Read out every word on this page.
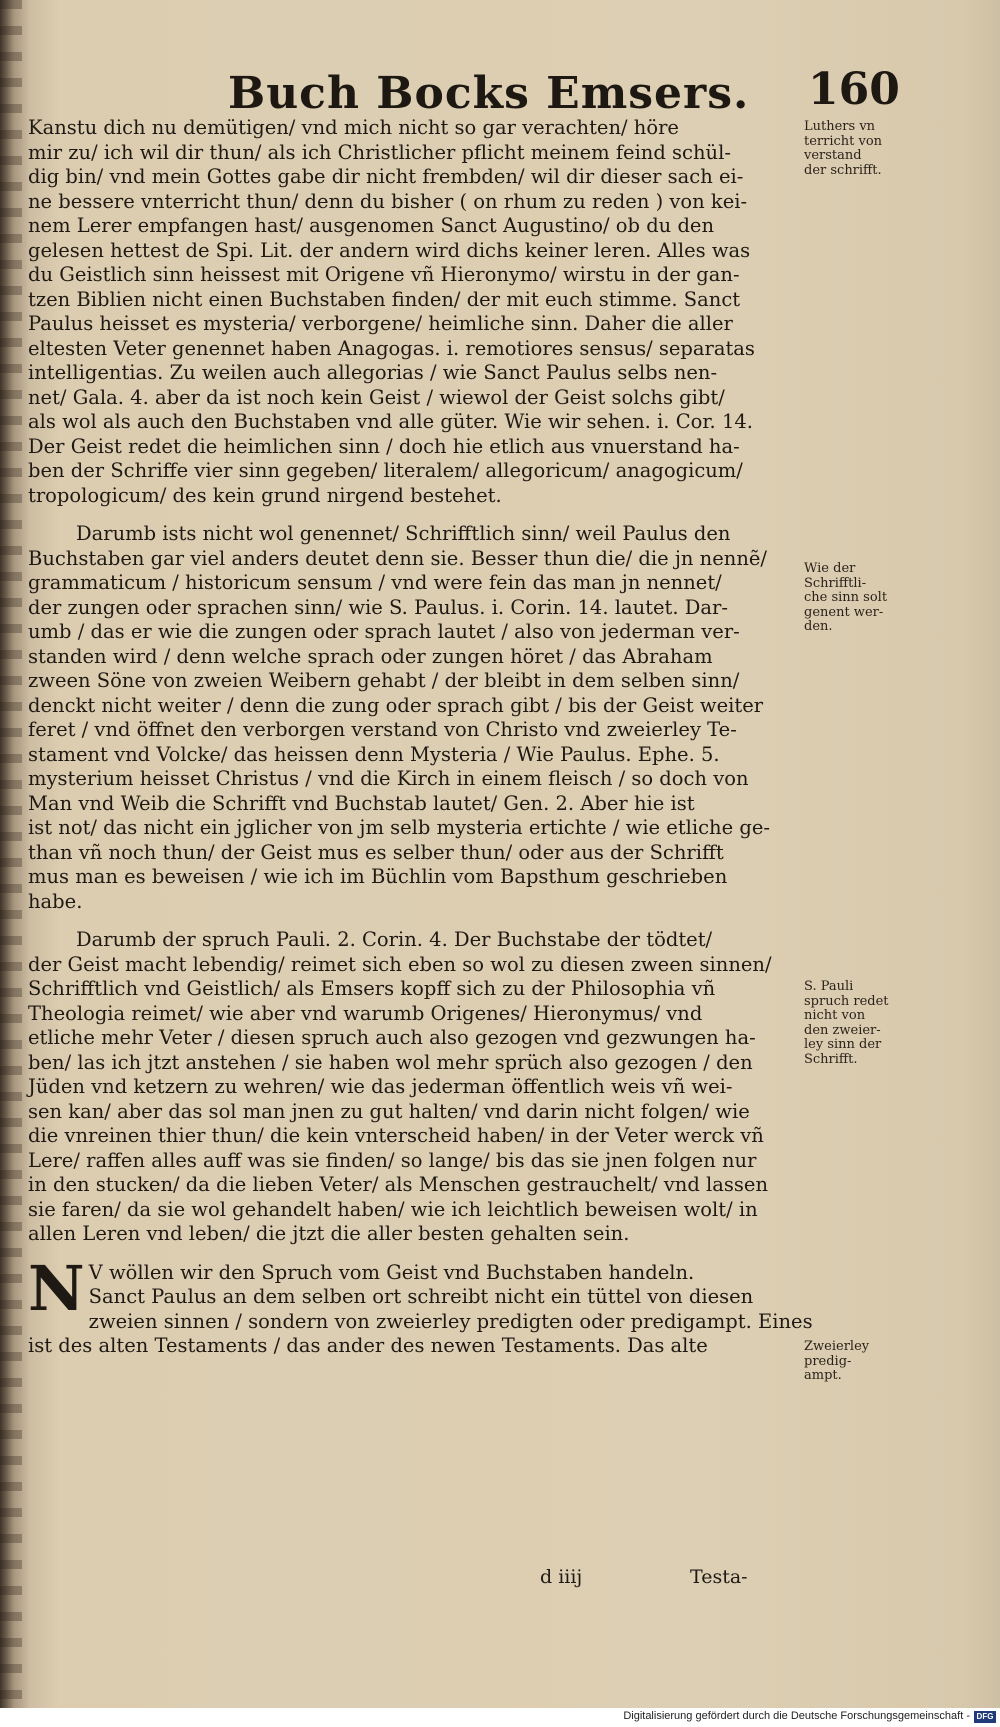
Buch Bocks Emsers. 160
Kanstu dich nu demütigen/ vnd mich nicht so gar verachten/ höre
mir zu/ ich wil dir thun/ als ich Christlicher pflicht meinem feind schül-
dig bin/ vnd mein Gottes gabe dir nicht frembden/ wil dir dieser sach ei-
ne bessere vnterricht thun/ denn du bisher ( on rhum zu reden ) von kei-
nem Lerer empfangen hast/ ausgenomen Sanct Augustino/ ob du den
gelesen hettest de Spi. Lit. der andern wird dichs keiner leren. Alles was
du Geistlich sinn heissest mit Origene vñ Hieronymo/ wirstu in der gan-
tzen Biblien nicht einen Buchstaben finden/ der mit euch stimme. Sanct
Paulus heisset es mysteria/ verborgene/ heimliche sinn. Daher die aller
eltesten Veter genennet haben Anagogas. i. remotiores sensus/ separatas
intelligentias. Zu weilen auch allegorias / wie Sanct Paulus selbs nen-
net/ Gala. 4. aber da ist noch kein Geist / wiewol der Geist solchs gibt/
als wol als auch den Buchstaben vnd alle güter. Wie wir sehen. i. Cor. 14.
Der Geist redet die heimlichen sinn / doch hie etlich aus vnuerstand ha-
ben der Schriffe vier sinn gegeben/ literalem/ allegoricum/ anagogicum/
tropologicum/ des kein grund nirgend bestehet.
Darumb ists nicht wol genennet/ Schrifftlich sinn/ weil Paulus den
Buchstaben gar viel anders deutet denn sie. Besser thun die/ die jn nennẽ/
grammaticum / historicum sensum / vnd were fein das man jn nennet/
der zungen oder sprachen sinn/ wie S. Paulus. i. Corin. 14. lautet. Dar-
umb / das er wie die zungen oder sprach lautet / also von jederman ver-
standen wird / denn welche sprach oder zungen höret / das Abraham
zween Söne von zweien Weibern gehabt / der bleibt in dem selben sinn/
denckt nicht weiter / denn die zung oder sprach gibt / bis der Geist weiter
feret / vnd öffnet den verborgen verstand von Christo vnd zweierley Te-
stament vnd Volcke/ das heissen denn Mysteria / Wie Paulus. Ephe. 5.
mysterium heisset Christus / vnd die Kirch in einem fleisch / so doch von
Man vnd Weib die Schrifft vnd Buchstab lautet/ Gen. 2. Aber hie ist
ist not/ das nicht ein jglicher von jm selb mysteria ertichte / wie etliche ge-
than vñ noch thun/ der Geist mus es selber thun/ oder aus der Schrifft
mus man es beweisen / wie ich im Büchlin vom Bapsthum geschrieben
habe.
Darumb der spruch Pauli. 2. Corin. 4. Der Buchstabe der tödtet/
der Geist macht lebendig/ reimet sich eben so wol zu diesen zween sinnen/
Schrifftlich vnd Geistlich/ als Emsers kopff sich zu der Philosophia vñ
Theologia reimet/ wie aber vnd warumb Origenes/ Hieronymus/ vnd
etliche mehr Veter / diesen spruch auch also gezogen vnd gezwungen ha-
ben/ las ich jtzt anstehen / sie haben wol mehr sprüch also gezogen / den
Jüden vnd ketzern zu wehren/ wie das jederman öffentlich weis vñ wei-
sen kan/ aber das sol man jnen zu gut halten/ vnd darin nicht folgen/ wie
die vnreinen thier thun/ die kein vnterscheid haben/ in der Veter werck vñ
Lere/ raffen alles auff was sie finden/ so lange/ bis das sie jnen folgen nur
in den stucken/ da die lieben Veter/ als Menschen gestrauchelt/ vnd lassen
sie faren/ da sie wol gehandelt haben/ wie ich leichtlich beweisen wolt/ in
allen Leren vnd leben/ die jtzt die aller besten gehalten sein.
N V wöllen wir den Spruch vom Geist vnd Buchstaben handeln.
Sanct Paulus an dem selben ort schreibt nicht ein tüttel von diesen
zweien sinnen / sondern von zweierley predigten oder predigampt. Eines
ist des alten Testaments / das ander des newen Testaments. Das alte
Luthers vn
terricht von
verstand
der schrifft.
Wie der
Schrifftli-
che sinn solt
genent wer-
den.
S. Pauli
spruch redet
nicht von
den zweier-
ley sinn der
Schrifft.
Zweierley
predig-
ampt.
d iiij	Testa-
Digitalisierung gefördert durch die Deutsche Forschungsgemeinschaft - DFG
